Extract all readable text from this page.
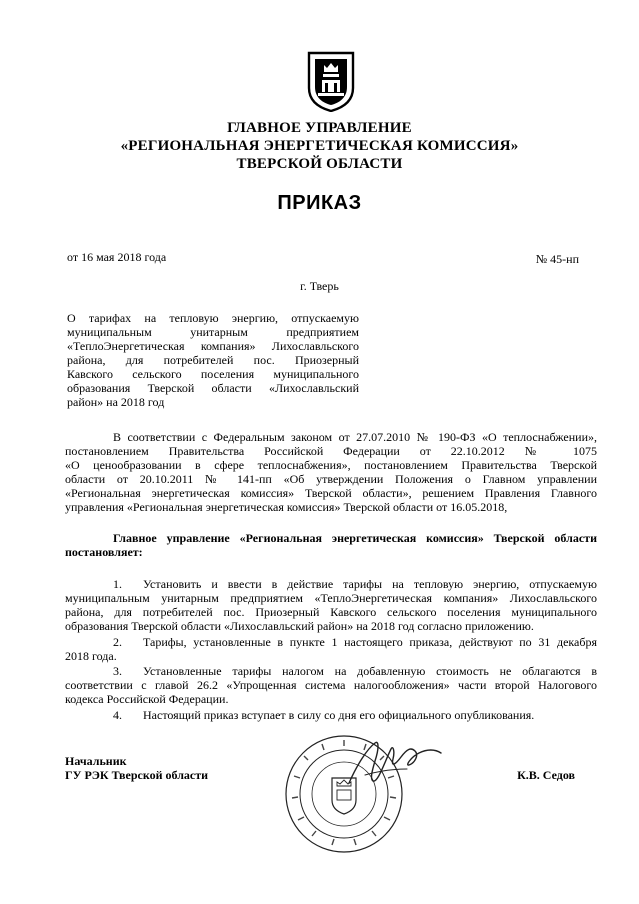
ГЛАВНОЕ УПРАВЛЕНИЕ
«РЕГИОНАЛЬНАЯ ЭНЕРГЕТИЧЕСКАЯ КОМИССИЯ»
ТВЕРСКОЙ ОБЛАСТИ
ПРИКАЗ
от 16 мая 2018 года	№ 45-нп
г. Тверь
О тарифах на тепловую энергию, отпускаемую
муниципальным унитарным предприятием
«ТеплоЭнергетическая компания» Лихославльского
района, для потребителей пос. Приозерный
Кавского сельского поселения муниципального
образования Тверской области «Лихославльский
район» на 2018 год
В соответствии с Федеральным законом от 27.07.2010 № 190-ФЗ «О теплоснабжении»,
постановлением Правительства Российской Федерации от 22.10.2012 № 1075
«О ценообразовании в сфере теплоснабжения», постановлением Правительства Тверской
области от 20.10.2011 № 141-пп «Об утверждении Положения о Главном управлении
«Региональная энергетическая комиссия» Тверской области», решением Правления Главного
управления «Региональная энергетическая комиссия» Тверской области от 16.05.2018,
Главное управление «Региональная энергетическая комиссия» Тверской области
постановляет:
1.	Установить и ввести в действие тарифы на тепловую энергию, отпускаемую
муниципальным унитарным предприятием «ТеплоЭнергетическая компания» Лихославльского
района, для потребителей пос. Приозерный Кавского сельского поселения муниципального
образования Тверской области «Лихославльский район» на 2018 год согласно приложению.
2.	Тарифы, установленные в пункте 1 настоящего приказа, действуют по 31 декабря
2018 года.
3.	Установленные тарифы налогом на добавленную стоимость не облагаются в
соответствии с главой 26.2 «Упрощенная система налогообложения» части второй Налогового
кодекса Российской Федерации.
4.	Настоящий приказ вступает в силу со дня его официального опубликования.
Начальник
ГУ РЭК Тверской области	К.В. Седов
